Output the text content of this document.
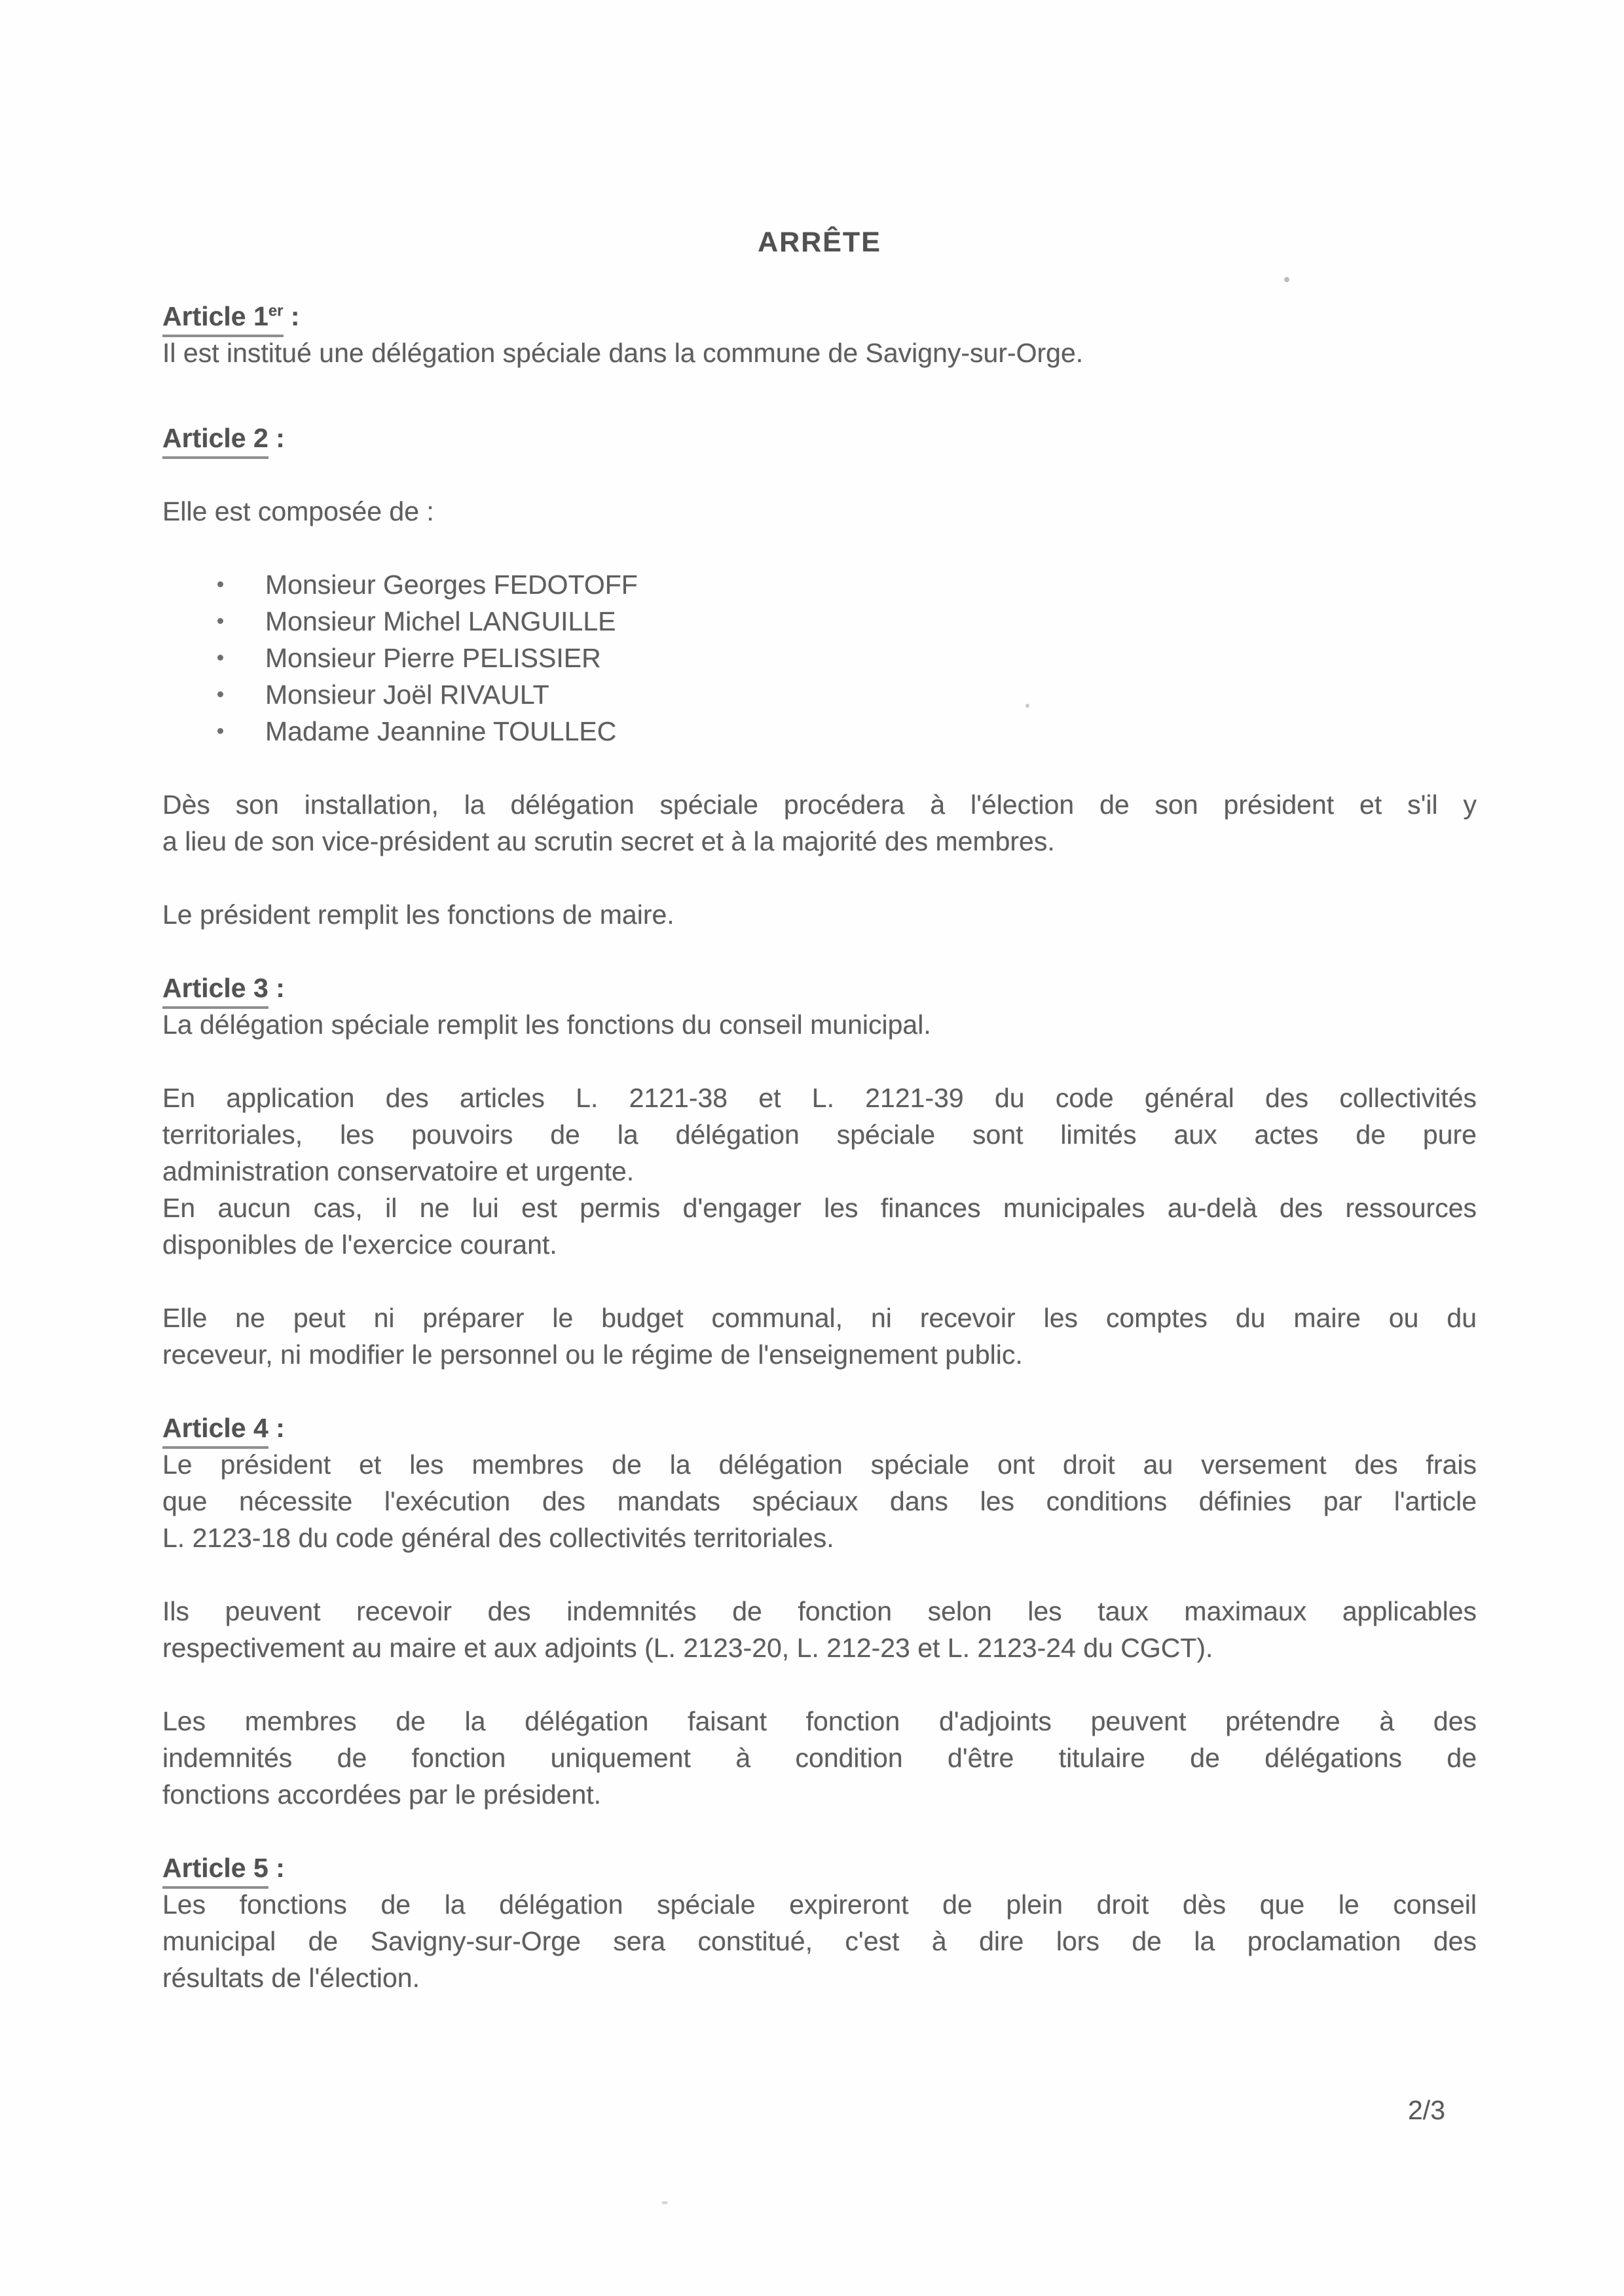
ARRÊTE
Article 1er :
Il est institué une délégation spéciale dans la commune de Savigny-sur-Orge.
Article 2 :
Elle est composée de :
Monsieur Georges FEDOTOFF
Monsieur Michel LANGUILLE
Monsieur Pierre PELISSIER
Monsieur Joël RIVAULT
Madame Jeannine TOULLEC
Dès son installation, la délégation spéciale procédera à l'élection de son président et s'il y
a lieu de son vice-président au scrutin secret et à la majorité des membres.
Le président remplit les fonctions de maire.
Article 3 :
La délégation spéciale remplit les fonctions du conseil municipal.
En application des articles L. 2121-38 et L. 2121-39 du code général des collectivités
territoriales, les pouvoirs de la délégation spéciale sont limités aux actes de pure
administration conservatoire et urgente.
En aucun cas, il ne lui est permis d'engager les finances municipales au-delà des ressources
disponibles de l'exercice courant.
Elle ne peut ni préparer le budget communal, ni recevoir les comptes du maire ou du
receveur, ni modifier le personnel ou le régime de l'enseignement public.
Article 4 :
Le président et les membres de la délégation spéciale ont droit au versement des frais
que nécessite l'exécution des mandats spéciaux dans les conditions définies par l'article
L. 2123-18 du code général des collectivités territoriales.
Ils peuvent recevoir des indemnités de fonction selon les taux maximaux applicables
respectivement au maire et aux adjoints (L. 2123-20, L. 212-23 et L. 2123-24 du CGCT).
Les membres de la délégation faisant fonction d'adjoints peuvent prétendre à des
indemnités de fonction uniquement à condition d'être titulaire de délégations de
fonctions accordées par le président.
Article 5 :
Les fonctions de la délégation spéciale expireront de plein droit dès que le conseil
municipal de Savigny-sur-Orge sera constitué, c'est à dire lors de la proclamation des
résultats de l'élection.
2/3
